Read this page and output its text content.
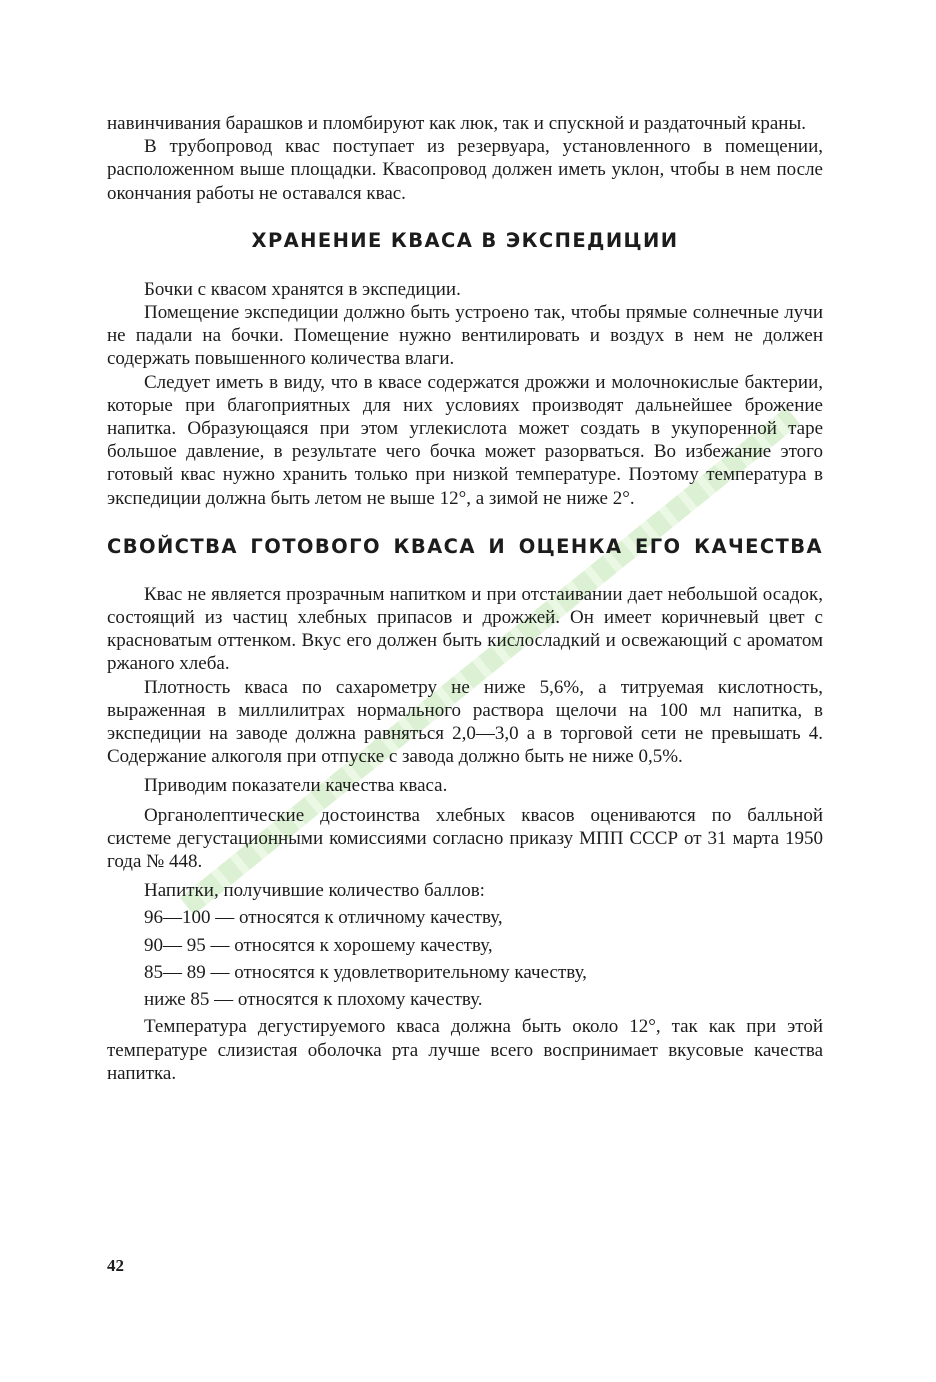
навинчивания барашков и пломбируют как люк, так и спускной и раздаточный краны.

В трубопровод квас поступает из резервуара, установленного в помещении, расположенном выше площадки. Квасопровод должен иметь уклон, чтобы в нем после окончания работы не оставался квас.

ХРАНЕНИЕ КВАСА В ЭКСПЕДИЦИИ

Бочки с квасом хранятся в экспедиции.

Помещение экспедиции должно быть устроено так, чтобы прямые солнечные лучи не падали на бочки. Помещение нужно вентилировать и воздух в нем не должен содержать повышенного количества влаги.

Следует иметь в виду, что в квасе содержатся дрожжи и молочнокислые бактерии, которые при благоприятных для них условиях производят дальнейшее брожение напитка. Образующаяся при этом углекислота может создать в укупоренной таре большое давление, в результате чего бочка может разорваться. Во избежание этого готовый квас нужно хранить только при низкой температуре. Поэтому температура в экспедиции должна быть летом не выше 12°, а зимой не ниже 2°.

СВОЙСТВА ГОТОВОГО КВАСА И ОЦЕНКА ЕГО КАЧЕСТВА

Квас не является прозрачным напитком и при отстаивании дает небольшой осадок, состоящий из частиц хлебных припасов и дрожжей. Он имеет коричневый цвет с красноватым оттенком. Вкус его должен быть кислосладкий и освежающий с ароматом ржаного хлеба.

Плотность кваса по сахарометру не ниже 5,6%, а титруемая кислотность, выраженная в миллилитрах нормального раствора щелочи на 100 мл напитка, в экспедиции на заводе должна равняться 2,0—3,0 а в торговой сети не превышать 4. Содержание алкоголя при отпуске с завода должно быть не ниже 0,5%.

Приводим показатели качества кваса.

Органолептические достоинства хлебных квасов оцениваются по балльной системе дегустационными комиссиями согласно приказу МПП СССР от 31 марта 1950 года № 448.

Напитки, получившие количество баллов:

96—100 — относятся к отличному качеству,
90— 95 — относятся к хорошему качеству,
85— 89 — относятся к удовлетворительному качеству,
ниже 85 — относятся к плохому качеству.

Температура дегустируемого кваса должна быть около 12°, так как при этой температуре слизистая оболочка рта лучше всего воспринимает вкусовые качества напитка.

42
